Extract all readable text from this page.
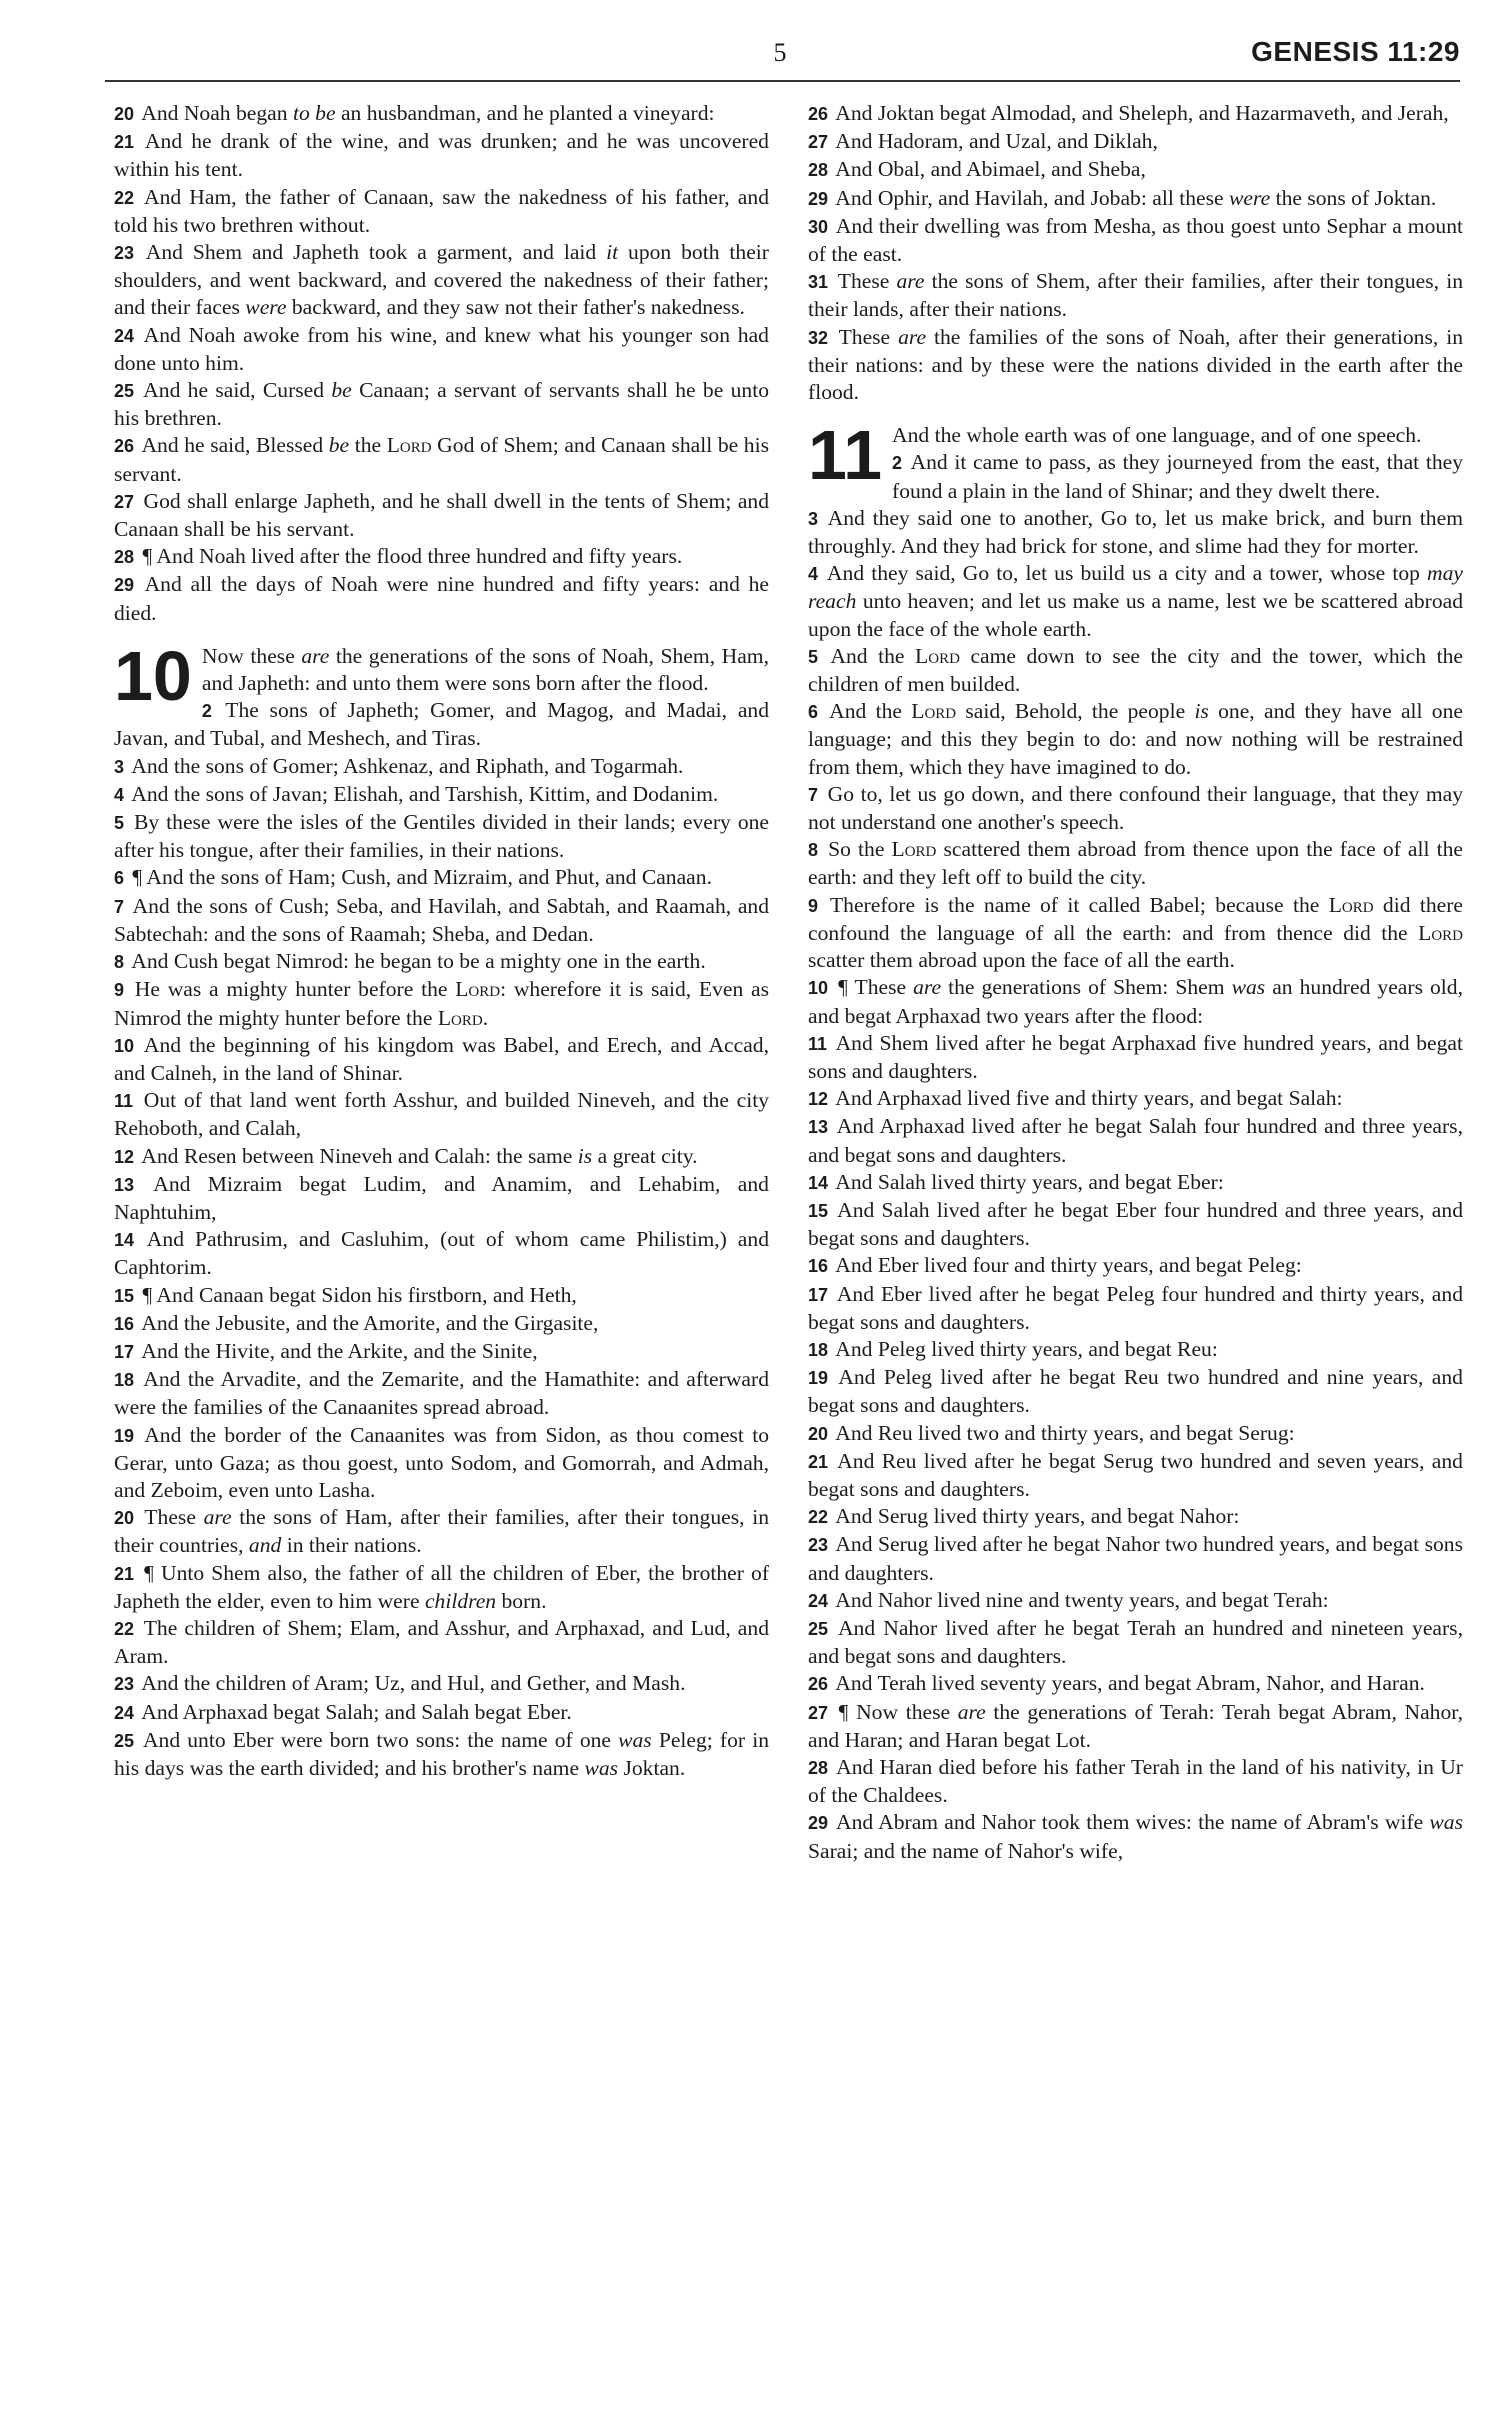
5	GENESIS 11:29

20 And Noah began to be an husbandman, and he planted a vineyard:

21 And he drank of the wine, and was drunken; and he was uncovered within his tent.

22 And Ham, the father of Canaan, saw the nakedness of his father, and told his two brethren without.

23 And Shem and Japheth took a garment, and laid it upon both their shoulders, and went backward, and covered the nakedness of their father; and their faces were backward, and they saw not their father's nakedness.

24 And Noah awoke from his wine, and knew what his younger son had done unto him.

25 And he said, Cursed be Canaan; a servant of servants shall he be unto his brethren.

26 And he said, Blessed be the Lord God of Shem; and Canaan shall be his servant.

27 God shall enlarge Japheth, and he shall dwell in the tents of Shem; and Canaan shall be his servant.

28 ¶ And Noah lived after the flood three hundred and fifty years.

29 And all the days of Noah were nine hundred and fifty years: and he died.

10 Now these are the generations of the sons of Noah, Shem, Ham, and Japheth: and unto them were sons born after the flood.

2 The sons of Japheth; Gomer, and Magog, and Madai, and Javan, and Tubal, and Meshech, and Tiras.

3 And the sons of Gomer; Ashkenaz, and Riphath, and Togarmah.

4 And the sons of Javan; Elishah, and Tarshish, Kittim, and Dodanim.

5 By these were the isles of the Gentiles divided in their lands; every one after his tongue, after their families, in their nations.

6 ¶ And the sons of Ham; Cush, and Mizraim, and Phut, and Canaan.

7 And the sons of Cush; Seba, and Havilah, and Sabtah, and Raamah, and Sabtechah: and the sons of Raamah; Sheba, and Dedan.

8 And Cush begat Nimrod: he began to be a mighty one in the earth.

9 He was a mighty hunter before the Lord: wherefore it is said, Even as Nimrod the mighty hunter before the Lord.

10 And the beginning of his kingdom was Babel, and Erech, and Accad, and Calneh, in the land of Shinar.

11 Out of that land went forth Asshur, and builded Nineveh, and the city Rehoboth, and Calah,

12 And Resen between Nineveh and Calah: the same is a great city.

13 And Mizraim begat Ludim, and Anamim, and Lehabim, and Naphtuhim,

14 And Pathrusim, and Casluhim, (out of whom came Philistim,) and Caphtorim.

15 ¶ And Canaan begat Sidon his firstborn, and Heth,

16 And the Jebusite, and the Amorite, and the Girgasite,

17 And the Hivite, and the Arkite, and the Sinite,

18 And the Arvadite, and the Zemarite, and the Hamathite: and afterward were the families of the Canaanites spread abroad.

19 And the border of the Canaanites was from Sidon, as thou comest to Gerar, unto Gaza; as thou goest, unto Sodom, and Gomorrah, and Admah, and Zeboim, even unto Lasha.

20 These are the sons of Ham, after their families, after their tongues, in their countries, and in their nations.

21 ¶ Unto Shem also, the father of all the children of Eber, the brother of Japheth the elder, even to him were children born.

22 The children of Shem; Elam, and Asshur, and Arphaxad, and Lud, and Aram.

23 And the children of Aram; Uz, and Hul, and Gether, and Mash.

24 And Arphaxad begat Salah; and Salah begat Eber.

25 And unto Eber were born two sons: the name of one was Peleg; for in his days was the earth divided; and his brother's name was Joktan.

26 And Joktan begat Almodad, and Sheleph, and Hazarmaveth, and Jerah,

27 And Hadoram, and Uzal, and Diklah,

28 And Obal, and Abimael, and Sheba,

29 And Ophir, and Havilah, and Jobab: all these were the sons of Joktan.

30 And their dwelling was from Mesha, as thou goest unto Sephar a mount of the east.

31 These are the sons of Shem, after their families, after their tongues, in their lands, after their nations.

32 These are the families of the sons of Noah, after their generations, in their nations: and by these were the nations divided in the earth after the flood.

11 And the whole earth was of one language, and of one speech.

2 And it came to pass, as they journeyed from the east, that they found a plain in the land of Shinar; and they dwelt there.

3 And they said one to another, Go to, let us make brick, and burn them throughly. And they had brick for stone, and slime had they for morter.

4 And they said, Go to, let us build us a city and a tower, whose top may reach unto heaven; and let us make us a name, lest we be scattered abroad upon the face of the whole earth.

5 And the Lord came down to see the city and the tower, which the children of men builded.

6 And the Lord said, Behold, the people is one, and they have all one language; and this they begin to do: and now nothing will be restrained from them, which they have imagined to do.

7 Go to, let us go down, and there confound their language, that they may not understand one another's speech.

8 So the Lord scattered them abroad from thence upon the face of all the earth: and they left off to build the city.

9 Therefore is the name of it called Babel; because the Lord did there confound the language of all the earth: and from thence did the Lord scatter them abroad upon the face of all the earth.

10 ¶ These are the generations of Shem: Shem was an hundred years old, and begat Arphaxad two years after the flood:

11 And Shem lived after he begat Arphaxad five hundred years, and begat sons and daughters.

12 And Arphaxad lived five and thirty years, and begat Salah:

13 And Arphaxad lived after he begat Salah four hundred and three years, and begat sons and daughters.

14 And Salah lived thirty years, and begat Eber:

15 And Salah lived after he begat Eber four hundred and three years, and begat sons and daughters.

16 And Eber lived four and thirty years, and begat Peleg:

17 And Eber lived after he begat Peleg four hundred and thirty years, and begat sons and daughters.

18 And Peleg lived thirty years, and begat Reu:

19 And Peleg lived after he begat Reu two hundred and nine years, and begat sons and daughters.

20 And Reu lived two and thirty years, and begat Serug:

21 And Reu lived after he begat Serug two hundred and seven years, and begat sons and daughters.

22 And Serug lived thirty years, and begat Nahor:

23 And Serug lived after he begat Nahor two hundred years, and begat sons and daughters.

24 And Nahor lived nine and twenty years, and begat Terah:

25 And Nahor lived after he begat Terah an hundred and nineteen years, and begat sons and daughters.

26 And Terah lived seventy years, and begat Abram, Nahor, and Haran.

27 ¶ Now these are the generations of Terah: Terah begat Abram, Nahor, and Haran; and Haran begat Lot.

28 And Haran died before his father Terah in the land of his nativity, in Ur of the Chaldees.

29 And Abram and Nahor took them wives: the name of Abram's wife was Sarai; and the name of Nahor's wife,
